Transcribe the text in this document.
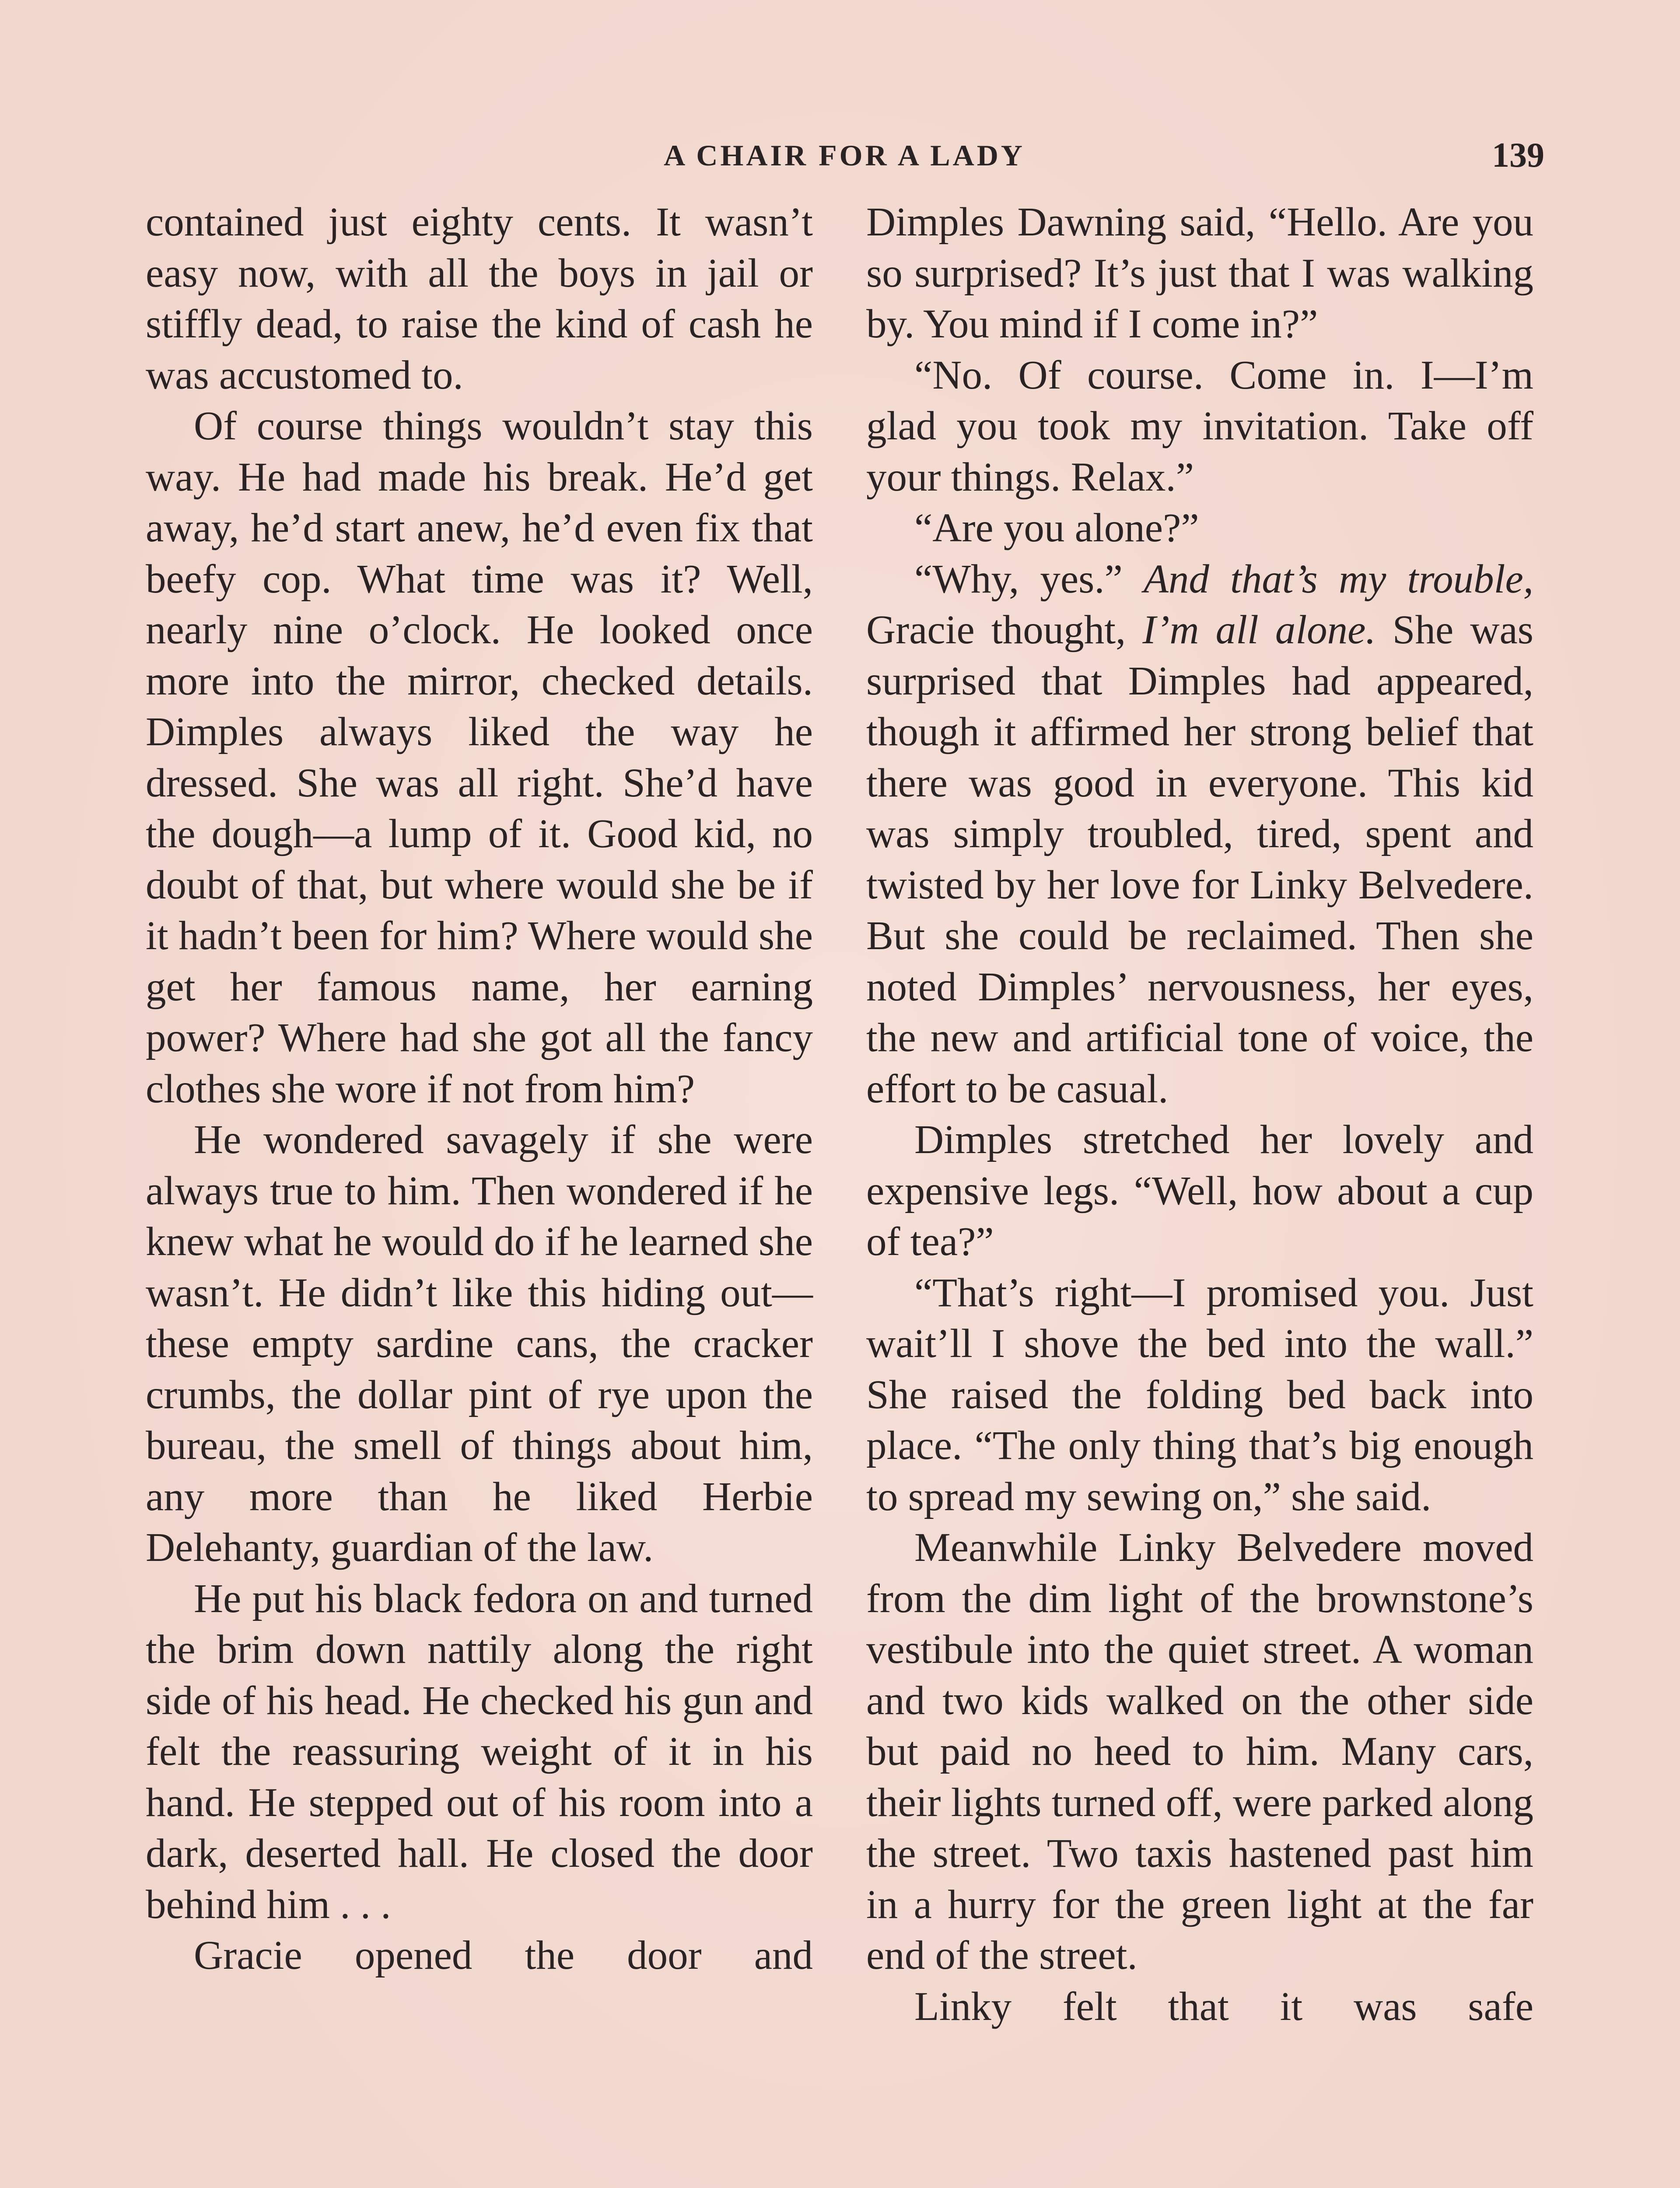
A CHAIR FOR A LADY	139

contained just eighty cents. It wasn’t easy now, with all the boys in jail or stiffly dead, to raise the kind of cash he was accustomed to.

Of course things wouldn’t stay this way. He had made his break. He’d get away, he’d start anew, he’d even fix that beefy cop. What time was it? Well, nearly nine o’clock. He looked once more into the mirror, checked details. Dimples always liked the way he dressed. She was all right. She’d have the dough—a lump of it. Good kid, no doubt of that, but where would she be if it hadn’t been for him? Where would she get her famous name, her earning power? Where had she got all the fancy clothes she wore if not from him?

He wondered savagely if she were always true to him. Then wondered if he knew what he would do if he learned she wasn’t. He didn’t like this hiding out—these empty sardine cans, the cracker crumbs, the dollar pint of rye upon the bureau, the smell of things about him, any more than he liked Herbie Delehanty, guardian of the law.

He put his black fedora on and turned the brim down nattily along the right side of his head. He checked his gun and felt the reassuring weight of it in his hand. He stepped out of his room into a dark, deserted hall. He closed the door behind him . . .

Gracie opened the door and

Dimples Dawning said, “Hello. Are you so surprised? It’s just that I was walking by. You mind if I come in?”

“No. Of course. Come in. I—I’m glad you took my invitation. Take off your things. Relax.”

“Are you alone?”

“Why, yes.” And that’s my trouble, Gracie thought, I’m all alone. She was surprised that Dimples had appeared, though it affirmed her strong belief that there was good in everyone. This kid was simply troubled, tired, spent and twisted by her love for Linky Belvedere. But she could be reclaimed. Then she noted Dimples’ nervousness, her eyes, the new and artificial tone of voice, the effort to be casual.

Dimples stretched her lovely and expensive legs. “Well, how about a cup of tea?”

“That’s right—I promised you. Just wait’ll I shove the bed into the wall.” She raised the folding bed back into place. “The only thing that’s big enough to spread my sewing on,” she said.

Meanwhile Linky Belvedere moved from the dim light of the brownstone’s vestibule into the quiet street. A woman and two kids walked on the other side but paid no heed to him. Many cars, their lights turned off, were parked along the street. Two taxis hastened past him in a hurry for the green light at the far end of the street.

Linky felt that it was safe
